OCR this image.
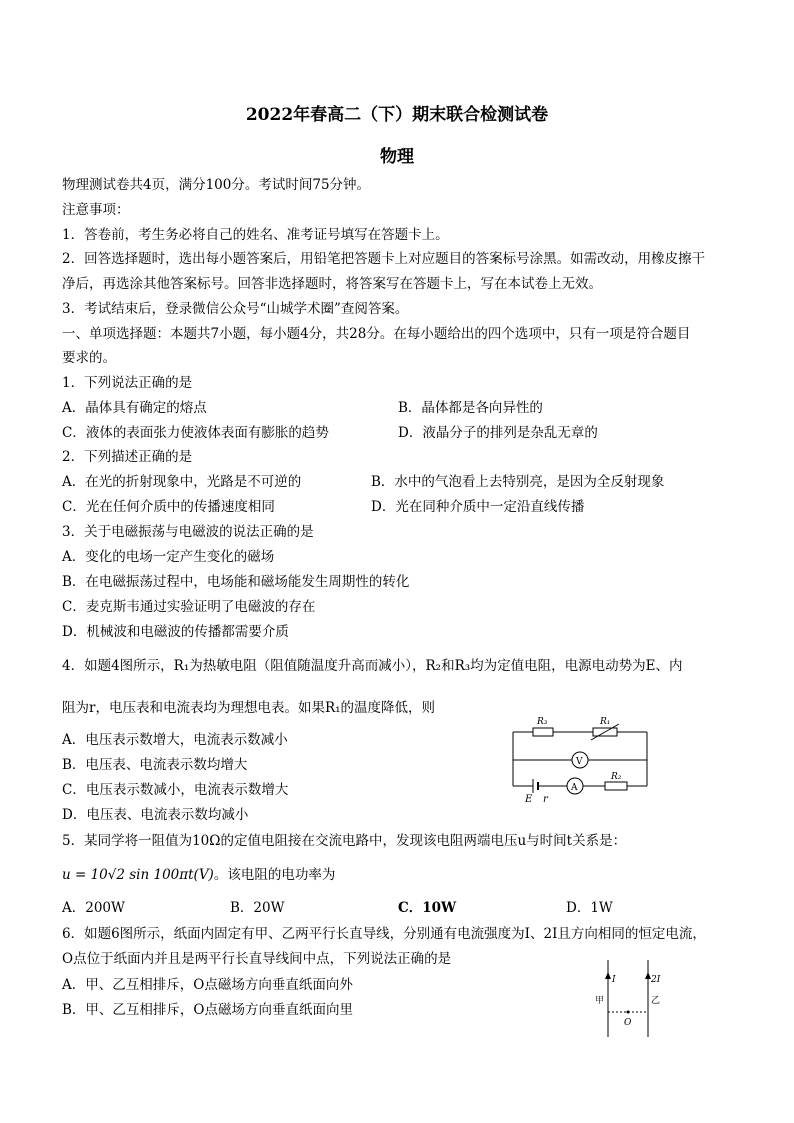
2022年春高二（下）期末联合检测试卷
物理
物理测试卷共4页，满分100分。考试时间75分钟。
注意事项：
1．答卷前，考生务必将自己的姓名、准考证号填写在答题卡上。
2．回答选择题时，选出每小题答案后，用铅笔把答题卡上对应题目的答案标号涂黑。如需改动，用橡皮擦干
净后，再选涂其他答案标号。回答非选择题时，将答案写在答题卡上，写在本试卷上无效。
3．考试结束后，登录微信公众号“山城学术圈”查阅答案。
一、单项选择题：本题共7小题，每小题4分，共28分。在每小题给出的四个选项中，只有一项是符合题目
要求的。
1．下列说法正确的是
A．晶体具有确定的熔点	B．晶体都是各向异性的
C．液体的表面张力使液体表面有膨胀的趋势	D．液晶分子的排列是杂乱无章的
2．下列描述正确的是
A．在光的折射现象中，光路是不可逆的	B．水中的气泡看上去特别亮，是因为全反射现象
C．光在任何介质中的传播速度相同	D．光在同种介质中一定沿直线传播
3．关于电磁振荡与电磁波的说法正确的是
A．变化的电场一定产生变化的磁场
B．在电磁振荡过程中，电场能和磁场能发生周期性的转化
C．麦克斯韦通过实验证明了电磁波的存在
D．机械波和电磁波的传播都需要介质
4．如题4图所示，R₁为热敏电阻（阻值随温度升高而减小），R₂和R₃均为定值电阻，电源电动势为E、内
阻为r，电压表和电流表均为理想电表。如果R₁的温度降低，则
A．电压表示数增大，电流表示数减小
B．电压表、电流表示数均增大
C．电压表示数减小，电流表示数增大
D．电压表、电流表示数均减小
R₃	R₁
V
A
R₂
E r
5．某同学将一阻值为10Ω的定值电阻接在交流电路中，发现该电阻两端电压u与时间t关系是：
u = 10√2 sin 100πt(V)。该电阻的电功率为
A．200W	B．20W	C．10W	D．1W
6．如题6图所示，纸面内固定有甲、乙两平行长直导线，分别通有电流强度为I、2I且方向相同的恒定电流，
O点位于纸面内并且是两平行长直导线间中点，下列说法正确的是
A．甲、乙互相排斥，O点磁场方向垂直纸面向外
B．甲、乙互相排斥，O点磁场方向垂直纸面向里
I	2I
甲	乙
O
